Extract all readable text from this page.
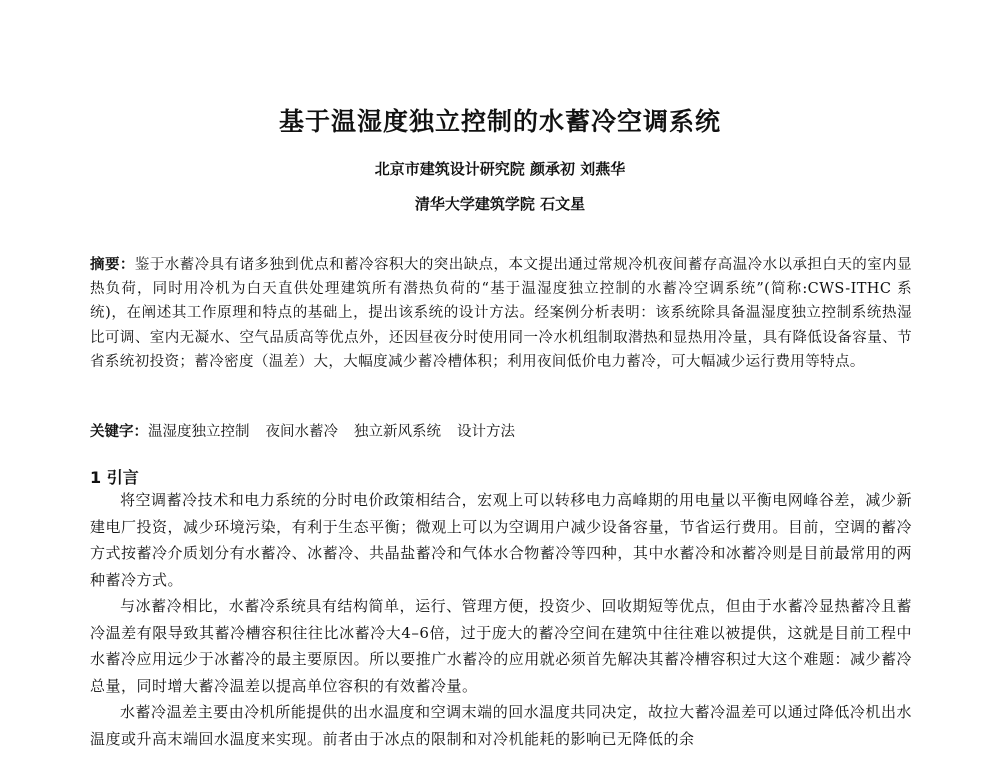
基于温湿度独立控制的水蓄冷空调系统
北京市建筑设计研究院 颜承初 刘燕华
清华大学建筑学院 石文星
摘要：鉴于水蓄冷具有诸多独到优点和蓄冷容积大的突出缺点，本文提出通过常规冷机夜间蓄存高温冷水以承担白天的室内显热负荷，同时用冷机为白天直供处理建筑所有潜热负荷的“基于温湿度独立控制的水蓄冷空调系统”(简称:CWS-ITHC 系统)，在阐述其工作原理和特点的基础上，提出该系统的设计方法。经案例分析表明：该系统除具备温湿度独立控制系统热湿比可调、室内无凝水、空气品质高等优点外，还因昼夜分时使用同一冷水机组制取潜热和显热用冷量，具有降低设备容量、节省系统初投资；蓄冷密度（温差）大，大幅度减少蓄冷槽体积；利用夜间低价电力蓄冷，可大幅减少运行费用等特点。
关键字：温湿度独立控制 夜间水蓄冷 独立新风系统 设计方法
1 引言

将空调蓄冷技术和电力系统的分时电价政策相结合，宏观上可以转移电力高峰期的用电量以平衡电网峰谷差，减少新建电厂投资，减少环境污染，有利于生态平衡；微观上可以为空调用户减少设备容量，节省运行费用。目前，空调的蓄冷方式按蓄冷介质划分有水蓄冷、冰蓄冷、共晶盐蓄冷和气体水合物蓄冷等四种，其中水蓄冷和冰蓄冷则是目前最常用的两种蓄冷方式。

与冰蓄冷相比，水蓄冷系统具有结构简单，运行、管理方便，投资少、回收期短等优点，但由于水蓄冷显热蓄冷且蓄冷温差有限导致其蓄冷槽容积往往比冰蓄冷大4–6倍，过于庞大的蓄冷空间在建筑中往往难以被提供，这就是目前工程中水蓄冷应用远少于冰蓄冷的最主要原因。所以要推广水蓄冷的应用就必须首先解决其蓄冷槽容积过大这个难题：减少蓄冷总量，同时增大蓄冷温差以提高单位容积的有效蓄冷量。

水蓄冷温差主要由冷机所能提供的出水温度和空调末端的回水温度共同决定，故拉大蓄冷温差可以通过降低冷机出水温度或升高末端回水温度来实现。前者由于冰点的限制和对冷机能耗的影响已无降低的余
